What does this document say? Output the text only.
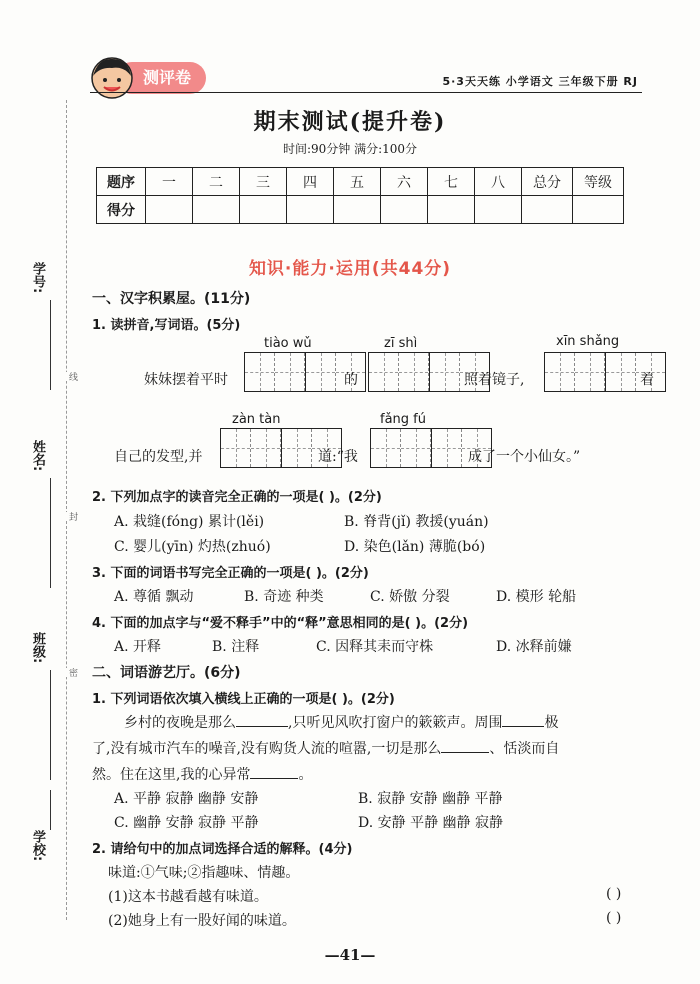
学号:
姓名:
班级:
学校:
线
封
密
测评卷	5·3天天练 小学语文 三年级下册 RJ
期末测试(提升卷)
时间:90分钟 满分:100分
题序	一	二	三	四	五	六	七	八	总分	等级
得分										
知识·能力·运用(共44分)
一、汉字积累屋。(11分)
1. 读拼音,写词语。(5分)
tiào wǔ	zī shì	xīn shǎng
妹妹摆着平时	的	照着镜子,	着
zàn tàn	fǎng fú
自己的发型,并	道:“我	成了一个小仙女。”
2. 下列加点字的读音完全正确的一项是( )。(2分)
A. 栽缝(fóng) 累计(lěi)	B. 脊背(jǐ) 教援(yuán)
C. 婴儿(yīn) 灼热(zhuó)	D. 染色(lǎn) 薄脆(bó)
3. 下面的词语书写完全正确的一项是( )。(2分)
A. 尊循 飘动	B. 奇迹 种类	C. 娇傲 分裂	D. 模形 轮船
4. 下面的加点字与“爱不释手”中的“释”意思相同的是( )。(2分)
A. 开释	B. 注释	C. 因释其耒而守株	D. 冰释前嫌
二、词语游艺厅。(6分)
1. 下列词语依次填入横线上正确的一项是( )。(2分)
乡村的夜晚是那么	,只听见风吹打窗户的簌簌声。周围	极
了,没有城市汽车的噪音,没有购货人流的喧嚣,一切是那么	、恬淡而自
然。住在这里,我的心异常	。
A. 平静 寂静 幽静 安静	B. 寂静 安静 幽静 平静
C. 幽静 安静 寂静 平静	D. 安静 平静 幽静 寂静
2. 请给句中的加点词选择合适的解释。(4分)
味道:①气味;②指趣味、情趣。
(1)这本书越看越有味道。	( )
(2)她身上有一股好闻的味道。	( )
—41—
